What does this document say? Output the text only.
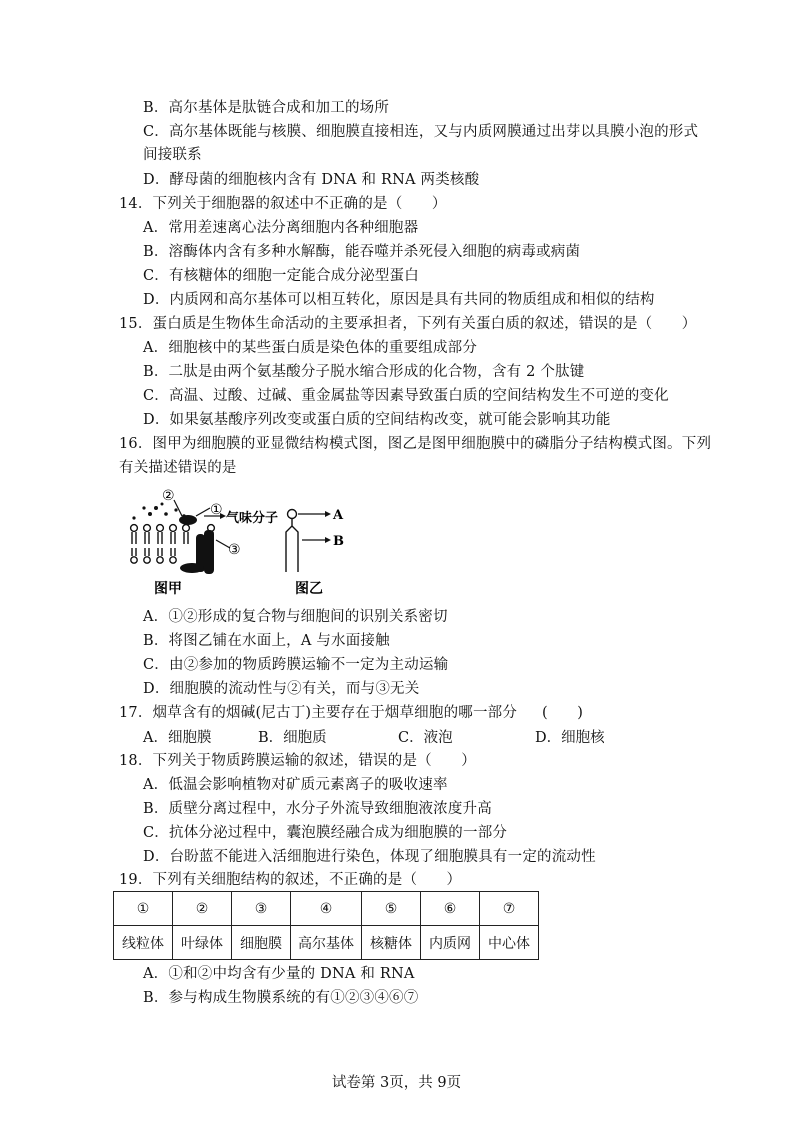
B．高尔基体是肽链合成和加工的场所
C．高尔基体既能与核膜、细胞膜直接相连，又与内质网膜通过出芽以具膜小泡的形式
间接联系
D．酵母菌的细胞核内含有 DNA 和 RNA 两类核酸
14．下列关于细胞器的叙述中不正确的是（　　）
A．常用差速离心法分离细胞内各种细胞器
B．溶酶体内含有多种水解酶，能吞噬并杀死侵入细胞的病毒或病菌
C．有核糖体的细胞一定能合成分泌型蛋白
D．内质网和高尔基体可以相互转化，原因是具有共同的物质组成和相似的结构
15．蛋白质是生物体生命活动的主要承担者，下列有关蛋白质的叙述，错误的是（　　）
A．细胞核中的某些蛋白质是染色体的重要组成部分
B．二肽是由两个氨基酸分子脱水缩合形成的化合物，含有 2 个肽键
C．高温、过酸、过碱、重金属盐等因素导致蛋白质的空间结构发生不可逆的变化
D．如果氨基酸序列改变或蛋白质的空间结构改变，就可能会影响其功能
16．图甲为细胞膜的亚显微结构模式图，图乙是图甲细胞膜中的磷脂分子结构模式图。下列
有关描述错误的是
②
①
③
气味分子	A
B
图甲	图乙
A．①②形成的复合物与细胞间的识别关系密切
B．将图乙铺在水面上，A 与水面接触
C．由②参加的物质跨膜运输不一定为主动运输
D．细胞膜的流动性与②有关，而与③无关
17．烟草含有的烟碱(尼古丁)主要存在于烟草细胞的哪一部分 (　　)
A．细胞膜	B．细胞质	C．液泡	D．细胞核
18．下列关于物质跨膜运输的叙述，错误的是（　　）
A．低温会影响植物对矿质元素离子的吸收速率
B．质壁分离过程中，水分子外流导致细胞液浓度升高
C．抗体分泌过程中，囊泡膜经融合成为细胞膜的一部分
D．台盼蓝不能进入活细胞进行染色，体现了细胞膜具有一定的流动性
19．下列有关细胞结构的叙述，不正确的是（　　）
①	②	③	④	⑤	⑥	⑦
线粒体	叶绿体	细胞膜	高尔基体	核糖体	内质网	中心体
A．①和②中均含有少量的 DNA 和 RNA
B．参与构成生物膜系统的有①②③④⑥⑦
试卷第 3页，共 9页
